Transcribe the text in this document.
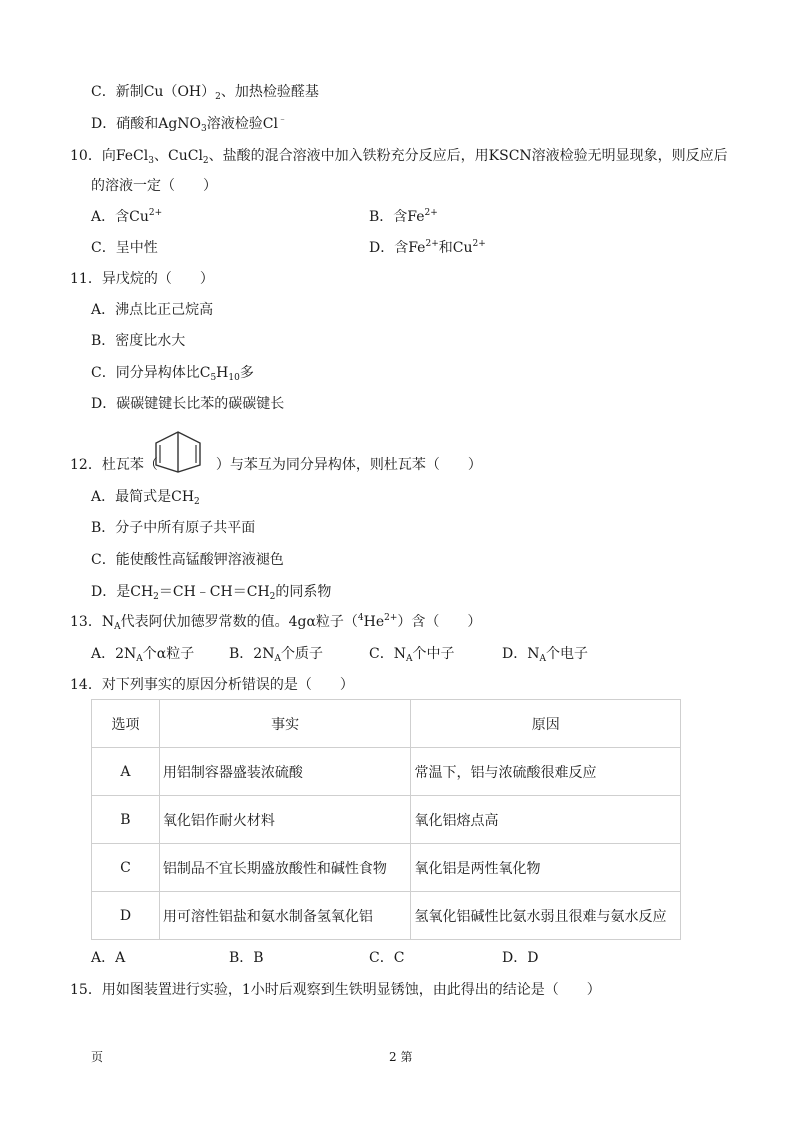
C．新制$Cu(OH)_2$、加热检验醛基
D．硝酸和AgNO$_3$溶液检验Cl﹣
10．向FeCl$_3$、CuCl$_2$、盐酸的混合溶液中加入铁粉充分反应后，用KSCN溶液检验无明显现象，则反应后
的溶液一定（　　）
A．含$Cu^{2+}$	B．含$Fe^{2+}$
C．呈中性	D．含$Fe^{2+}$和$Cu^{2+}$
11．异戊烷的（　　）
A．沸点比正己烷高
B．密度比水大
C．同分异构体比$C_5H_{10}$多
D．碳碳键键长比苯的碳碳键长
12．杜瓦苯（	）与苯互为同分异构体，则杜瓦苯（　　）
A．最简式是$CH_2$
B．分子中所有原子共平面
C．能使酸性高锰酸钾溶液褪色
D．是$CH_2=CH﹣CH=CH_2$的同系物
13．$N_A$代表阿伏加德罗常数的值。4gα粒子$(^4He^{2+})$含（　　）
A．$2N_A$个α粒子 B．$2N_A$个质子	C．$N_A$个中子	D．$N_A$个电子
14．对下列事实的原因分析错误的是（　　）
选项	事实	原因
A	用铝制容器盛装浓硫酸	常温下，铝与浓硫酸很难反应
B	氧化铝作耐火材料	氧化铝熔点高
C	铝制品不宜长期盛放酸性和碱性食物	氧化铝是两性氧化物
D	用可溶性铝盐和氨水制备氢氧化铝	氢氧化铝碱性比氨水弱且很难与氨水反应
A．A	B．B	C．C	D．D
15．用如图装置进行实验，1小时后观察到生铁明显锈蚀，由此得出的结论是（　　）
页	2 第
